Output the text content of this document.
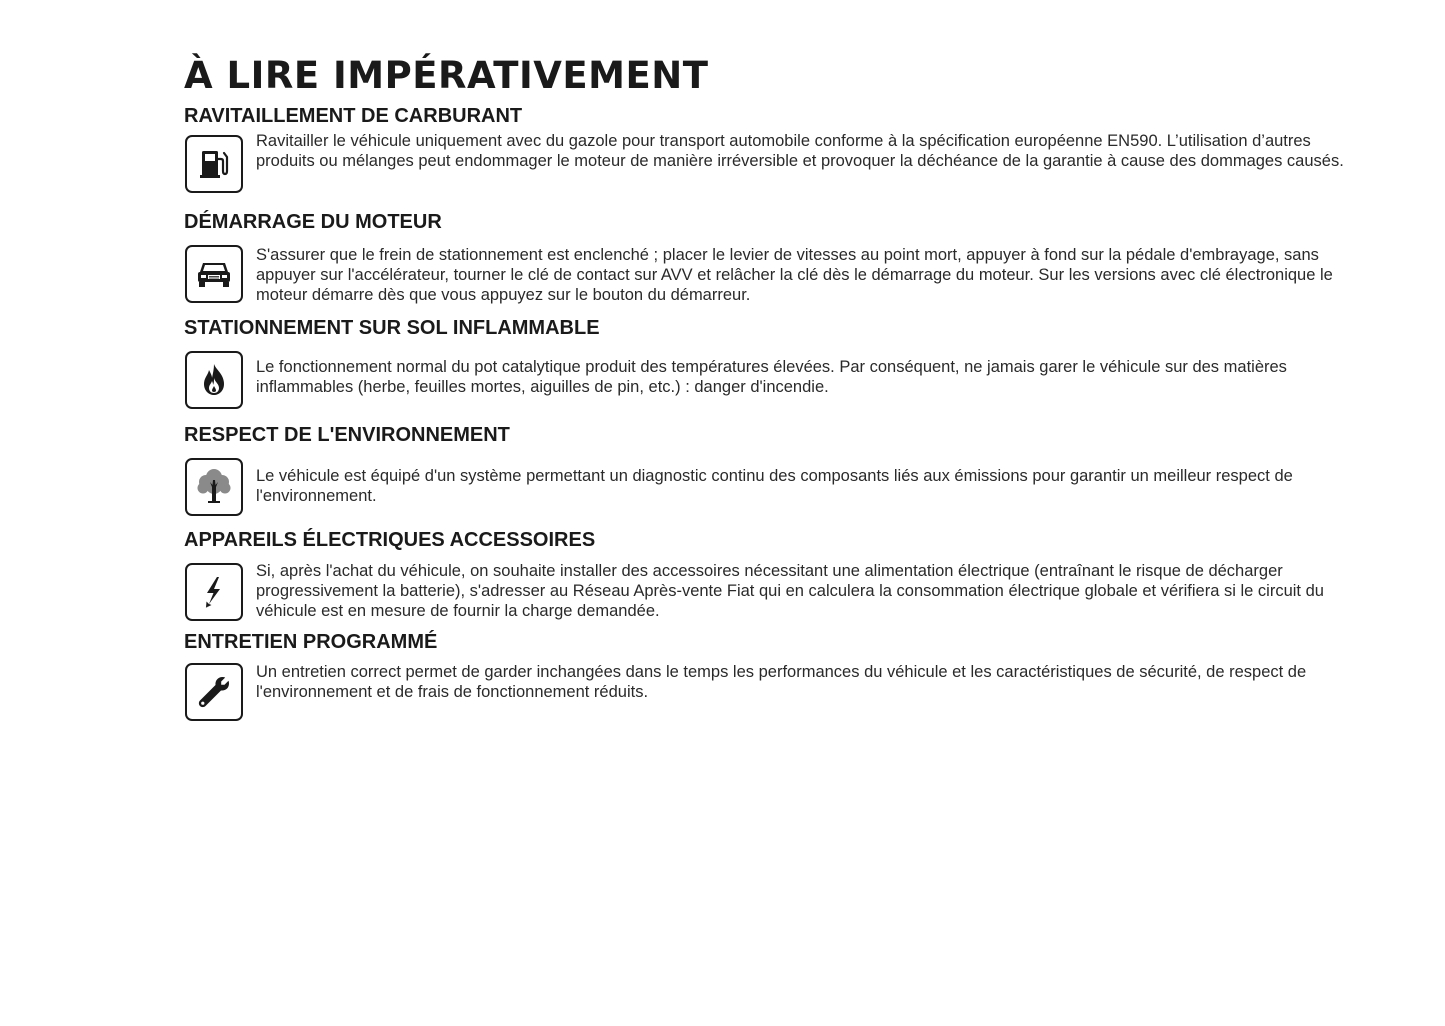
À LIRE IMPÉRATIVEMENT
RAVITAILLEMENT DE CARBURANT

Ravitailler le véhicule uniquement avec du gazole pour transport automobile conforme à la spécification européenne EN590. L’utilisation d’autres produits ou mélanges peut endommager le moteur de manière irréversible et provoquer la déchéance de la garantie à cause des dommages causés.

DÉMARRAGE DU MOTEUR

S'assurer que le frein de stationnement est enclenché ; placer le levier de vitesses au point mort, appuyer à fond sur la pédale d'embrayage, sans appuyer sur l'accélérateur, tourner le clé de contact sur AVV et relâcher la clé dès le démarrage du moteur. Sur les versions avec clé électronique le moteur démarre dès que vous appuyez sur le bouton du démarreur.

STATIONNEMENT SUR SOL INFLAMMABLE

Le fonctionnement normal du pot catalytique produit des températures élevées. Par conséquent, ne jamais garer le véhicule sur des matières inflammables (herbe, feuilles mortes, aiguilles de pin, etc.) : danger d'incendie.

RESPECT DE L'ENVIRONNEMENT

Le véhicule est équipé d'un système permettant un diagnostic continu des composants liés aux émissions pour garantir un meilleur respect de l'environnement.

APPAREILS ÉLECTRIQUES ACCESSOIRES

Si, après l'achat du véhicule, on souhaite installer des accessoires nécessitant une alimentation électrique (entraînant le risque de décharger progressivement la batterie), s'adresser au Réseau Après-vente Fiat qui en calculera la consommation électrique globale et vérifiera si le circuit du véhicule est en mesure de fournir la charge demandée.

ENTRETIEN PROGRAMMÉ

Un entretien correct permet de garder inchangées dans le temps les performances du véhicule et les caractéristiques de sécurité, de respect de l'environnement et de frais de fonctionnement réduits.
